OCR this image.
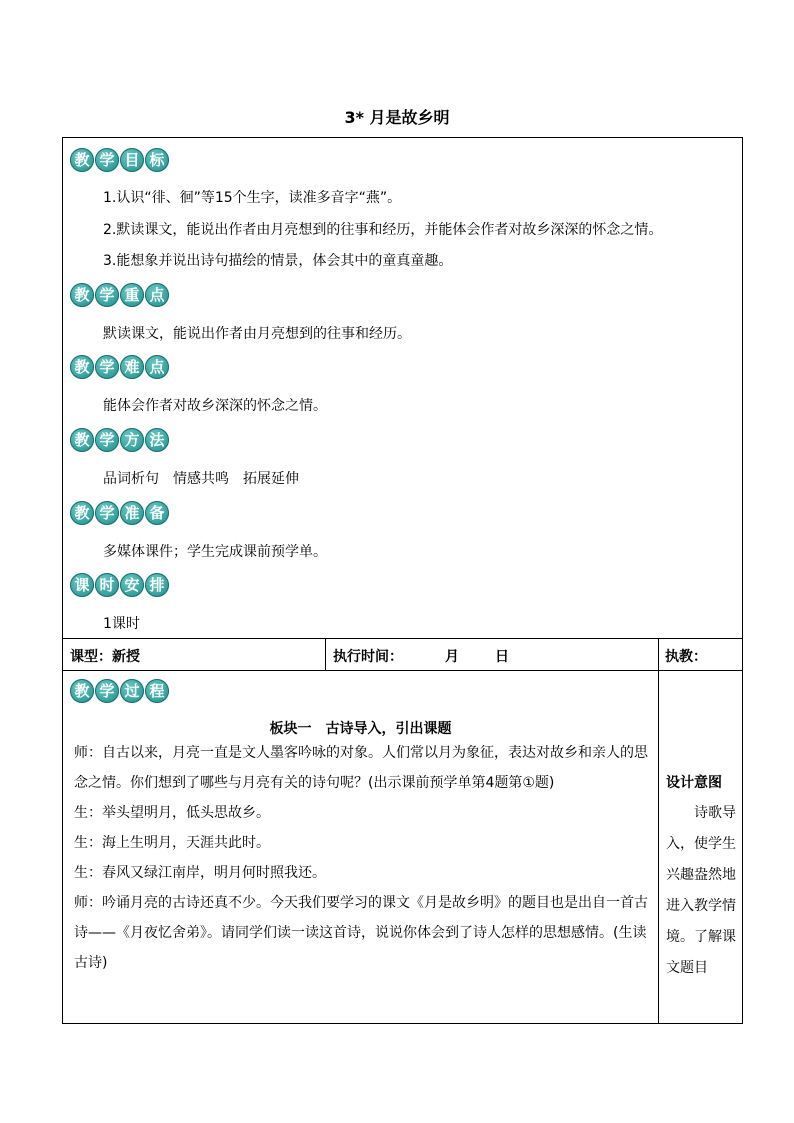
3* 月是故乡明
教 学 目 标
1.认识“徘、徊”等15个生字，读准多音字“燕”。
2.默读课文，能说出作者由月亮想到的往事和经历，并能体会作者对故乡深深的怀念之情。
3.能想象并说出诗句描绘的情景，体会其中的童真童趣。
教 学 重 点
默读课文，能说出作者由月亮想到的往事和经历。
教 学 难 点
能体会作者对故乡深深的怀念之情。
教 学 方 法
品词析句　情感共鸣　拓展延伸
教 学 准 备
多媒体课件；学生完成课前预学单。
课 时 安 排
1课时
课型：新授	执行时间：	月	日	执教：
教 学 过 程
板块一　古诗导入，引出课题
师：自古以来，月亮一直是文人墨客吟咏的对象。人们常以月为象征，表达对故乡和亲人的思念之情。你们想到了哪些与月亮有关的诗句呢？(出示课前预学单第4题第①题)
生：举头望明月，低头思故乡。
生：海上生明月，天涯共此时。
生：春风又绿江南岸，明月何时照我还。
师：吟诵月亮的古诗还真不少。今天我们要学习的课文《月是故乡明》的题目也是出自一首古诗——《月夜忆舍弟》。请同学们读一读这首诗，说说你体会到了诗人怎样的思想感情。(生读古诗)
设计意图
诗歌导入，使学生兴趣盎然地进入教学情境。了解课文题目
